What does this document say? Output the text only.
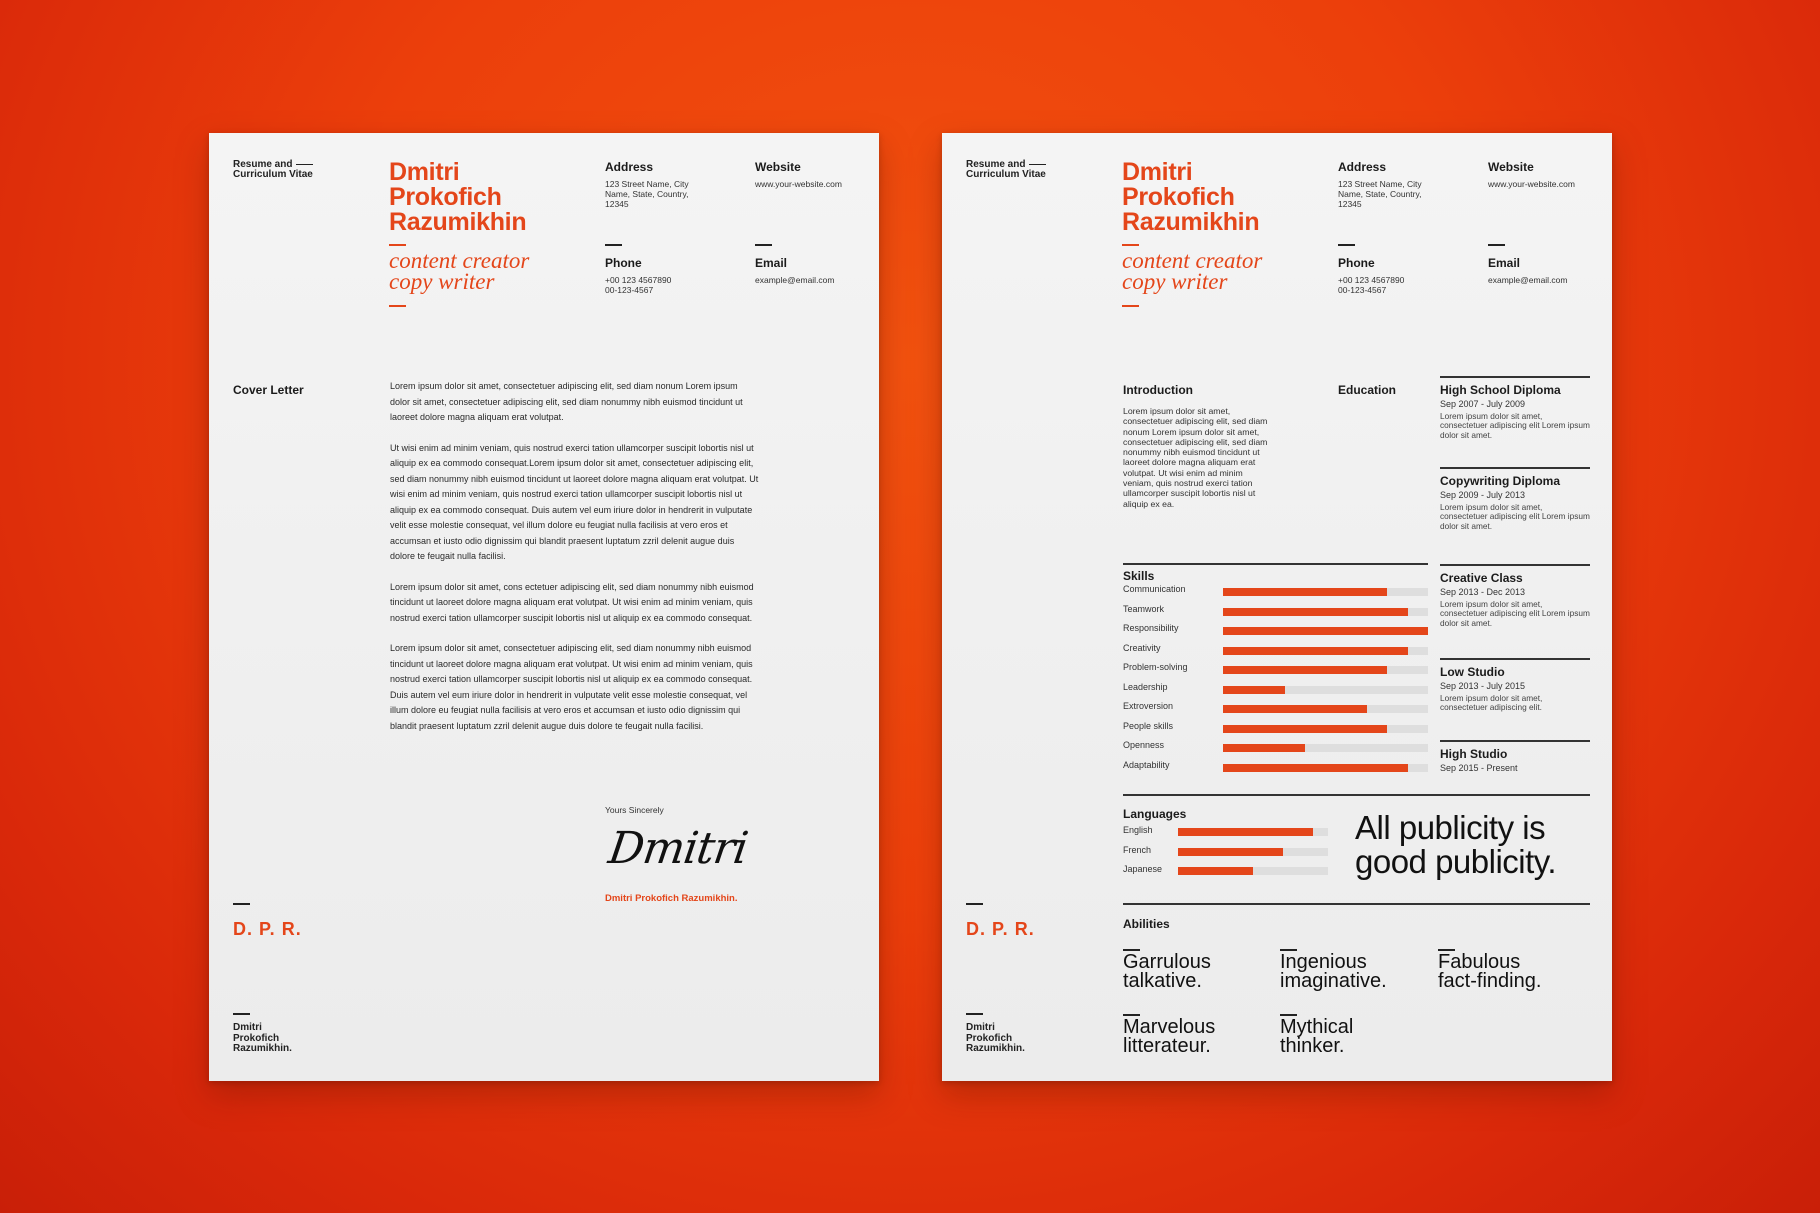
Resume and
Curriculum Vitae	Dmitri
Prokofich
Razumikhin
content creator
copy writer
Address
123 Street Name, City
Name, State, Country,
12345
Website
www.your-website.com
Phone
+00 123 4567890
00-123-4567
Email
example@email.com
Cover Letter	Lorem ipsum dolor sit amet, consectetuer adipiscing elit, sed diam nonum Lorem ipsum dolor sit amet, consectetuer adipiscing elit, sed diam nonummy nibh euismod tincidunt ut laoreet dolore magna aliquam erat volutpat.

Ut wisi enim ad minim veniam, quis nostrud exerci tation ullamcorper suscipit lobortis nisl ut aliquip ex ea commodo consequat.Lorem ipsum dolor sit amet, consectetuer adipiscing elit, sed diam nonummy nibh euismod tincidunt ut laoreet dolore magna aliquam erat volutpat. Ut wisi enim ad minim veniam, quis nostrud exerci tation ullamcorper suscipit lobortis nisl ut aliquip ex ea commodo consequat. Duis autem vel eum iriure dolor in hendrerit in vulputate velit esse molestie consequat, vel illum dolore eu feugiat nulla facilisis at vero eros et accumsan et iusto odio dignissim qui blandit praesent luptatum zzril delenit augue duis dolore te feugait nulla facilisi.

Lorem ipsum dolor sit amet, cons ectetuer adipiscing elit, sed diam nonummy nibh euismod tincidunt ut laoreet dolore magna aliquam erat volutpat. Ut wisi enim ad minim veniam, quis nostrud exerci tation ullamcorper suscipit lobortis nisl ut aliquip ex ea commodo consequat.

Lorem ipsum dolor sit amet, consectetuer adipiscing elit, sed diam nonummy nibh euismod tincidunt ut laoreet dolore magna aliquam erat volutpat. Ut wisi enim ad minim veniam, quis nostrud exerci tation ullamcorper suscipit lobortis nisl ut aliquip ex ea commodo consequat. Duis autem vel eum iriure dolor in hendrerit in vulputate velit esse molestie consequat, vel illum dolore eu feugiat nulla facilisis at vero eros et accumsan et iusto odio dignissim qui blandit praesent luptatum zzril delenit augue duis dolore te feugait nulla facilisi.

Yours Sincerely
Dmitri
Dmitri Prokofich Razumikhin.
D. P. R.
Dmitri
Prokofich
Razumikhin.
Resume and
Curriculum Vitae	Dmitri
Prokofich
Razumikhin
content creator
copy writer
Address
123 Street Name, City
Name, State, Country,
12345
Website
www.your-website.com
Phone
+00 123 4567890
00-123-4567
Email
example@email.com
Introduction
Lorem ipsum dolor sit amet, consectetuer adipiscing elit, sed diam nonum Lorem ipsum dolor sit amet, consectetuer adipiscing elit, sed diam nonummy nibh euismod tincidunt ut laoreet dolore magna aliquam erat volutpat. Ut wisi enim ad minim veniam, quis nostrud exerci tation ullamcorper suscipit lobortis nisl ut aliquip ex ea.
Education	High School Diploma
Sep 2007 - July 2009
Lorem ipsum dolor sit amet, consectetuer adipiscing elit Lorem ipsum dolor sit amet.
Copywriting Diploma
Sep 2009 - July 2013
Lorem ipsum dolor sit amet, consectetuer adipiscing elit Lorem ipsum dolor sit amet.
Creative Class
Sep 2013 - Dec 2013
Lorem ipsum dolor sit amet, consectetuer adipiscing elit Lorem ipsum dolor sit amet.
Low Studio
Sep 2013 - July 2015
Lorem ipsum dolor sit amet, consectetuer adipiscing elit.
High Studio
Sep 2015 - Present
Skills
Communication
Teamwork
Responsibility
Creativity
Problem-solving
Leadership
Extroversion
People skills
Openness
Adaptability
Languages
English
French
Japanese
All publicity is
good publicity.
Abilities
Garrulous
talkative.
Ingenious
imaginative.
Fabulous
fact-finding.
Marvelous
litterateur.
Mythical
thinker.
D. P. R.
Dmitri
Prokofich
Razumikhin.
